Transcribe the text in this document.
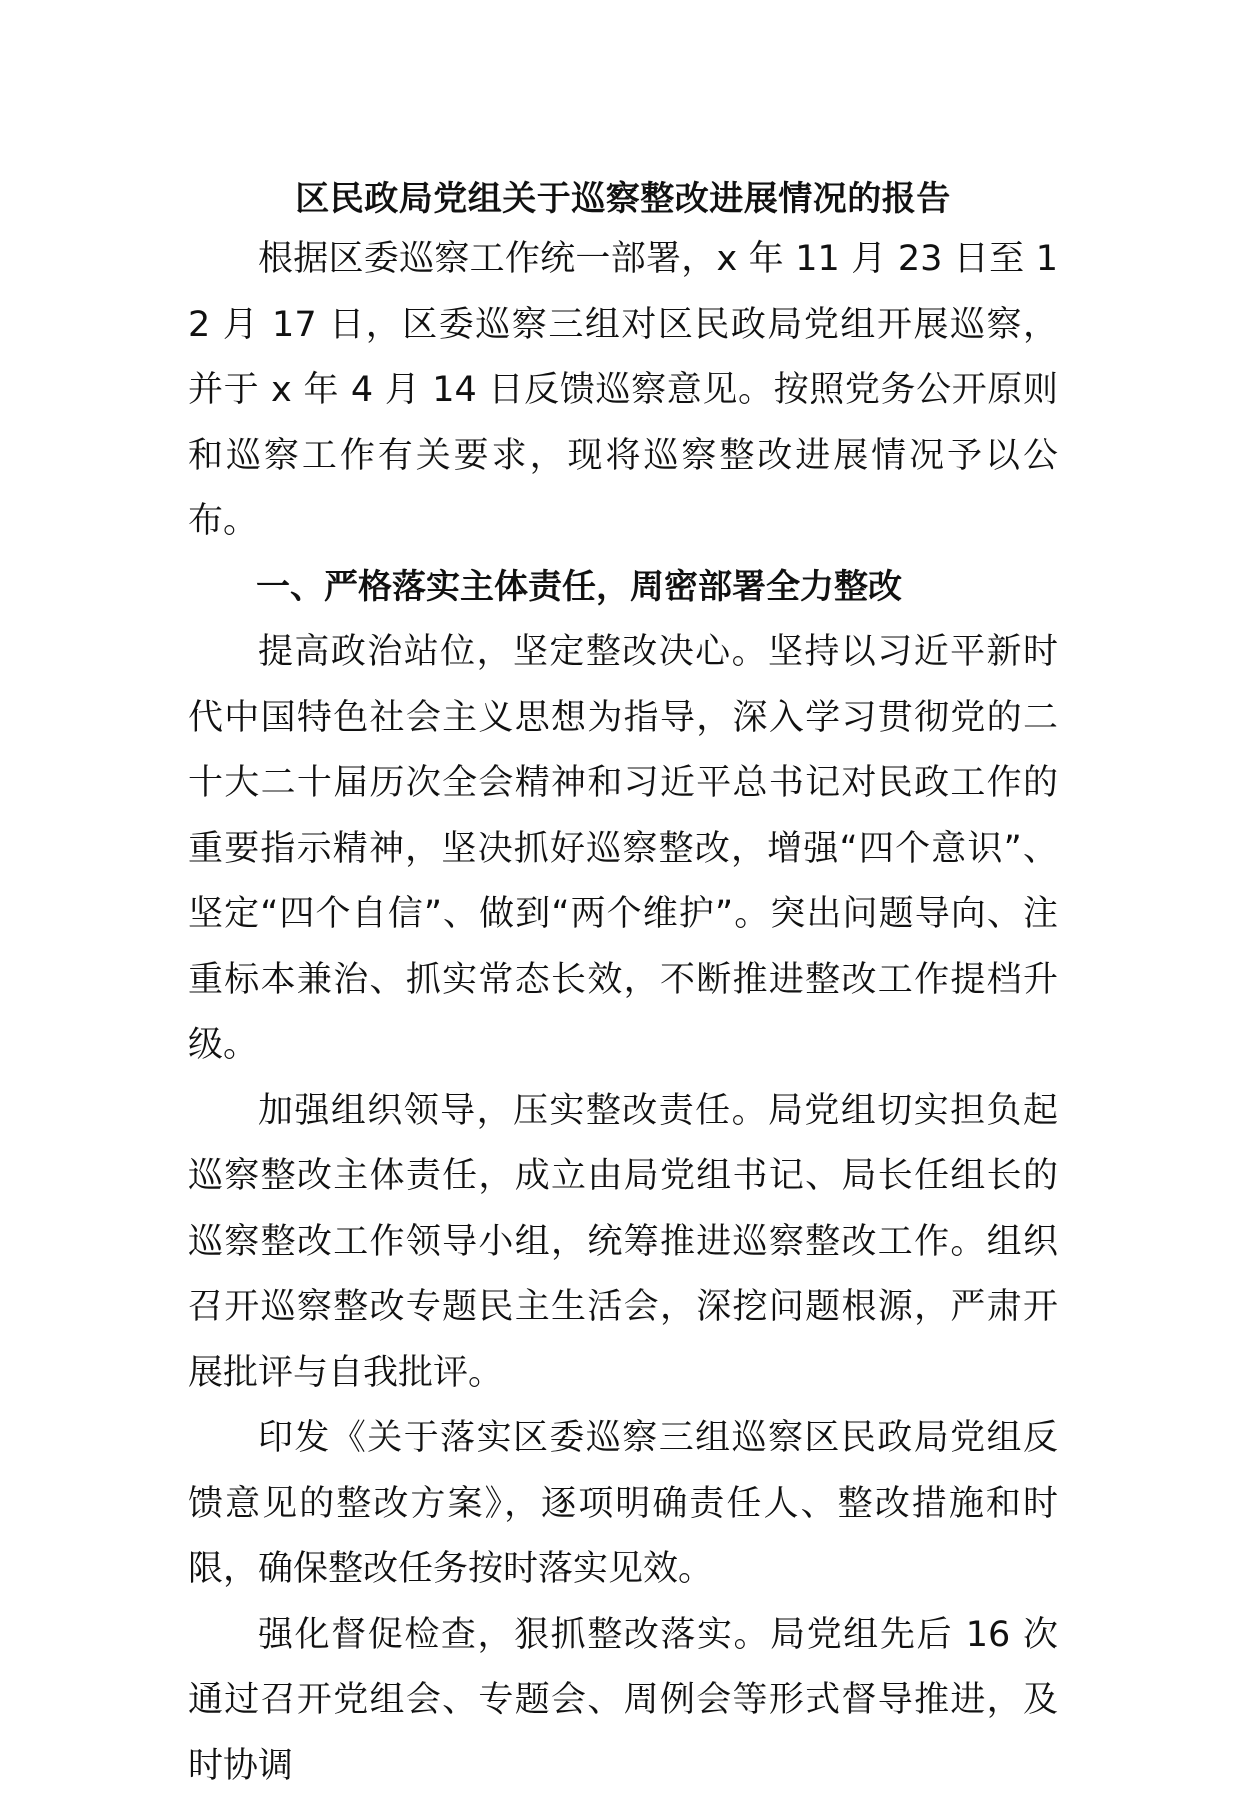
区民政局党组关于巡察整改进展情况的报告

根据区委巡察工作统一部署，x 年 11 月 23 日至 12 月 17 日，区委巡察三组对区民政局党组开展巡察，并于 x 年 4 月 14 日反馈巡察意见。按照党务公开原则和巡察工作有关要求，现将巡察整改进展情况予以公布。

一、严格落实主体责任，周密部署全力整改

提高政治站位，坚定整改决心。坚持以习近平新时代中国特色社会主义思想为指导，深入学习贯彻党的二十大二十届历次全会精神和习近平总书记对民政工作的重要指示精神，坚决抓好巡察整改，增强“四个意识”、坚定“四个自信”、做到“两个维护”。突出问题导向、注重标本兼治、抓实常态长效，不断推进整改工作提档升级。

加强组织领导，压实整改责任。局党组切实担负起巡察整改主体责任，成立由局党组书记、局长任组长的巡察整改工作领导小组，统筹推进巡察整改工作。组织召开巡察整改专题民主生活会，深挖问题根源，严肃开展批评与自我批评。

印发《关于落实区委巡察三组巡察区民政局党组反馈意见的整改方案》，逐项明确责任人、整改措施和时限，确保整改任务按时落实见效。

强化督促检查，狠抓整改落实。局党组先后 16 次通过召开党组会、专题会、周例会等形式督导推进，及时协调
